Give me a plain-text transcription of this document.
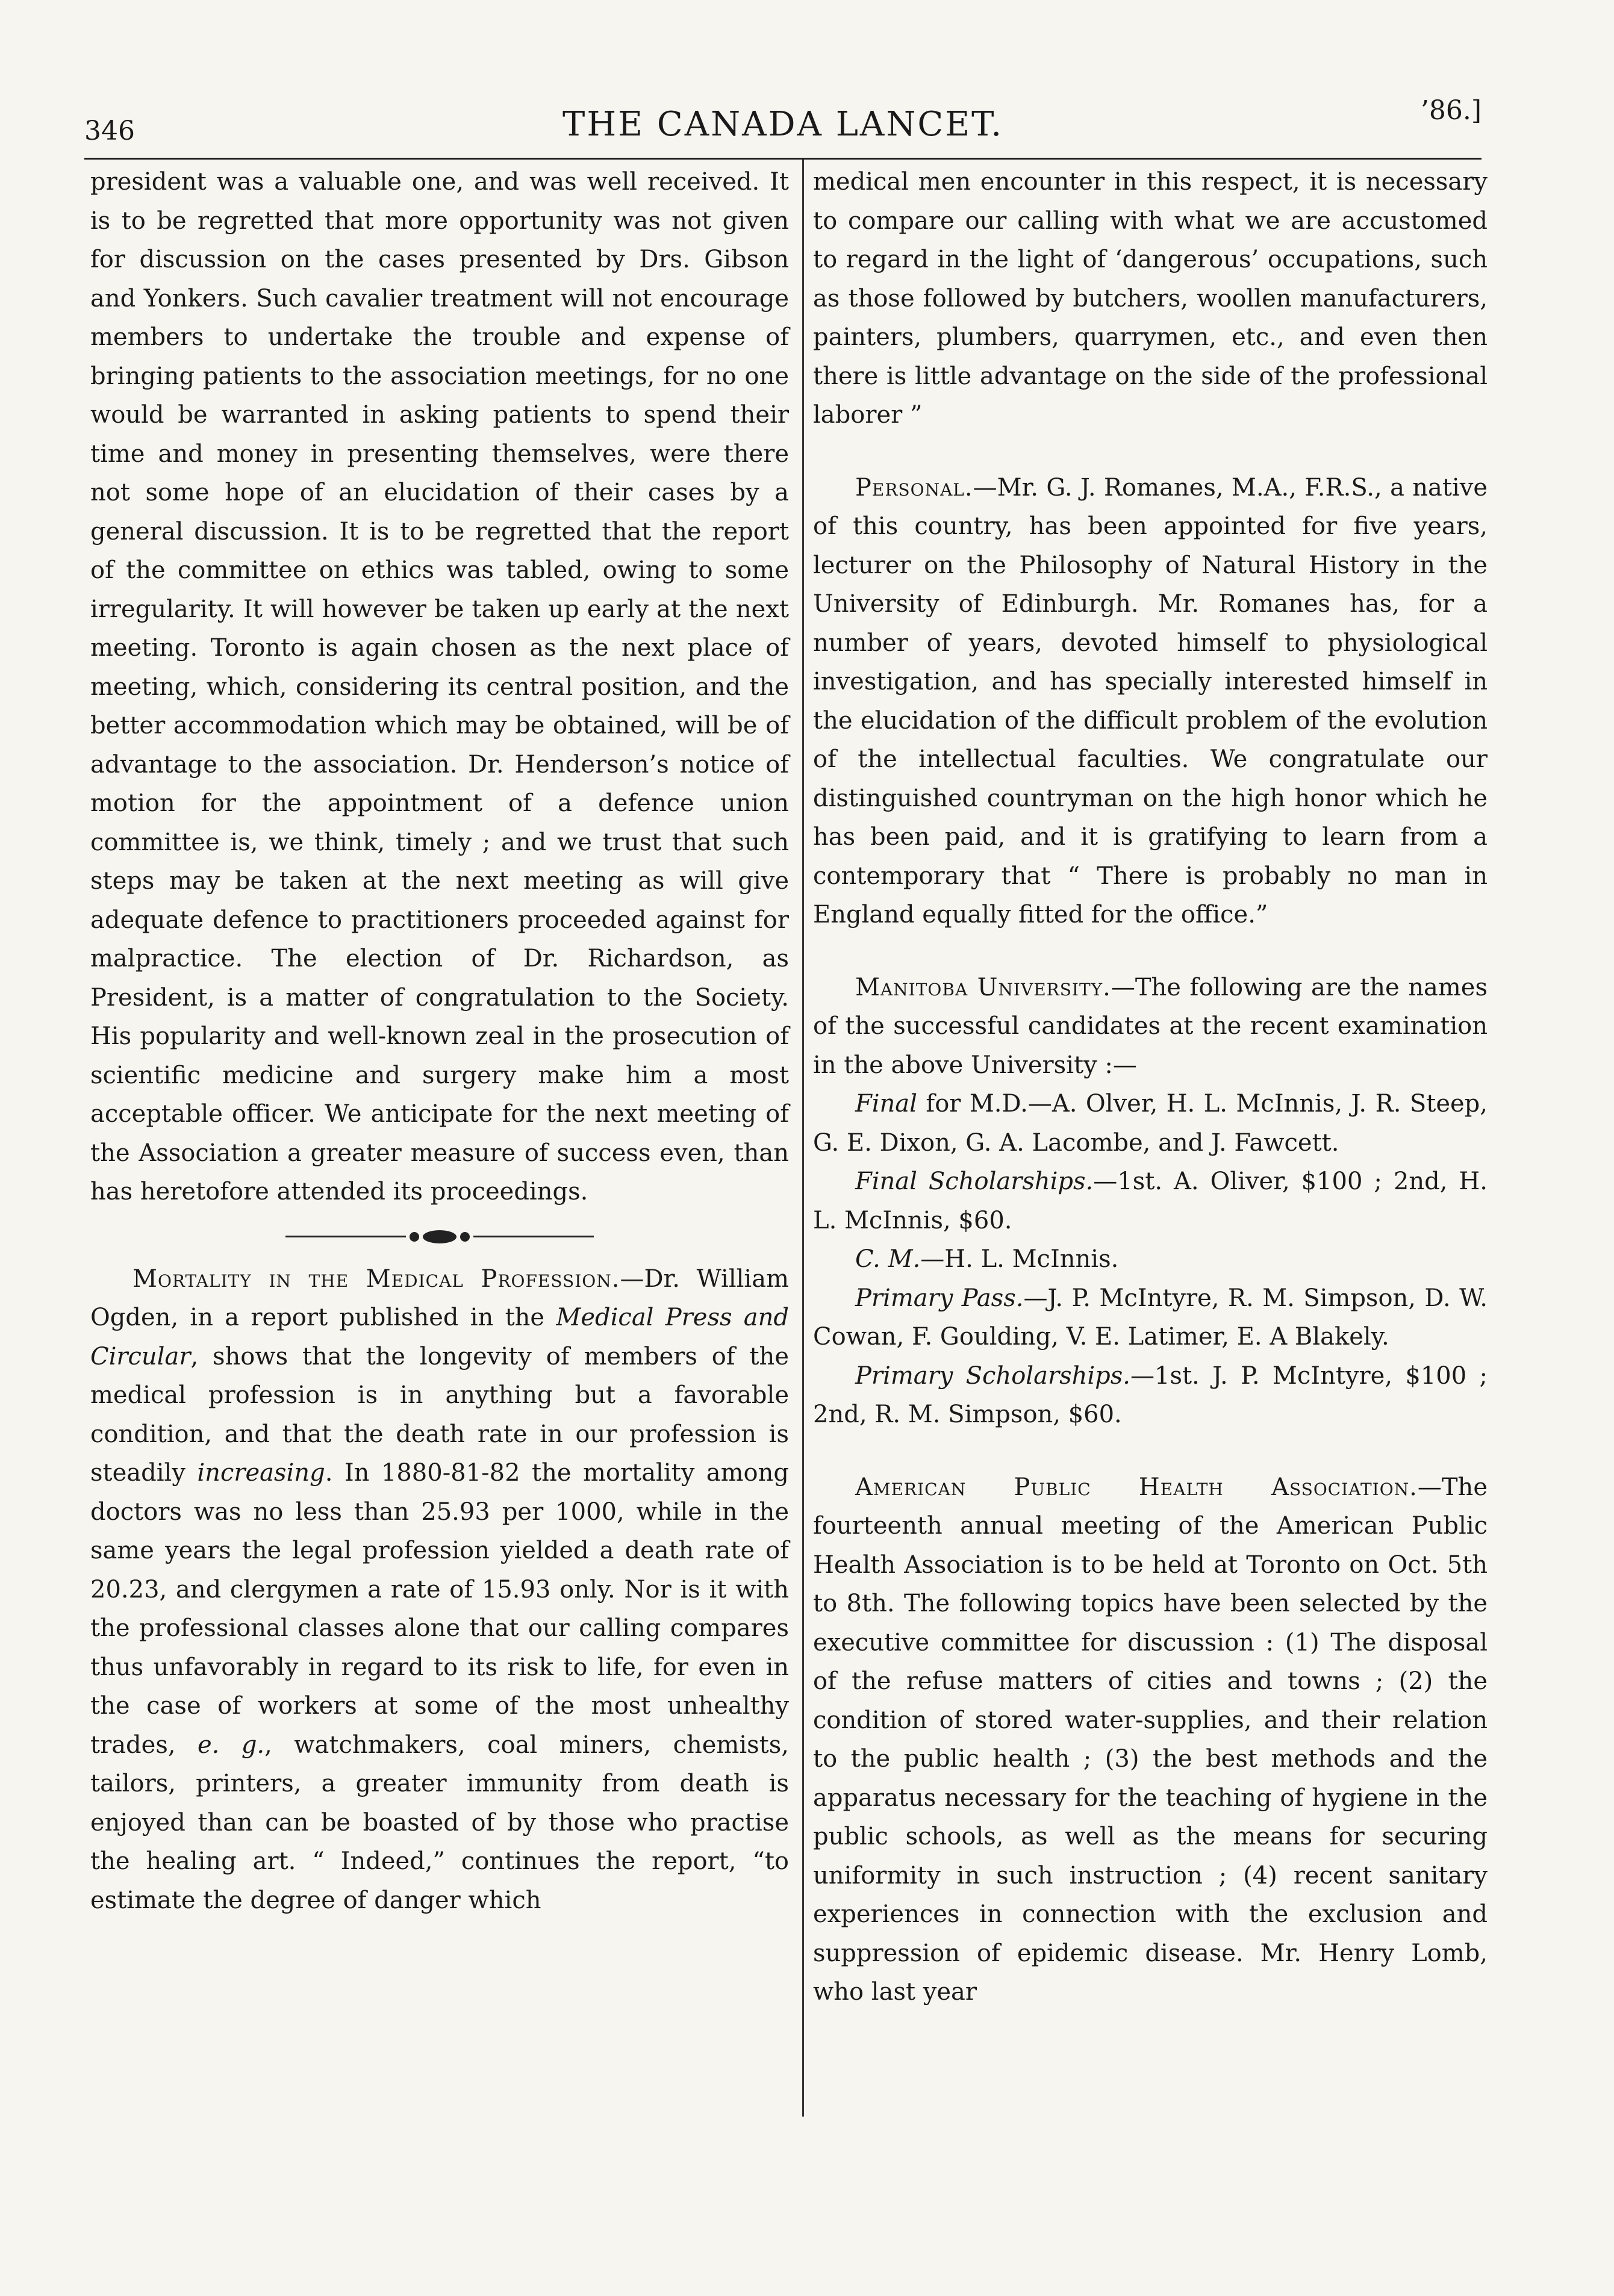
346	THE CANADA LANCET.	’86.]

president was a valuable one, and was well received. It is to be regretted that more opportunity was not given for discussion on the cases presented by Drs. Gibson and Yonkers. Such cavalier treatment will not encourage members to undertake the trouble and expense of bringing patients to the association meetings, for no one would be warranted in asking patients to spend their time and money in presenting themselves, were there not some hope of an elucidation of their cases by a general discussion. It is to be regretted that the report of the committee on ethics was tabled, owing to some irregularity. It will however be taken up early at the next meeting. Toronto is again chosen as the next place of meeting, which, considering its central position, and the better accommodation which may be obtained, will be of advantage to the association. Dr. Henderson’s notice of motion for the appointment of a defence union committee is, we think, timely ; and we trust that such steps may be taken at the next meeting as will give adequate defence to practitioners proceeded against for malpractice. The election of Dr. Richardson, as President, is a matter of congratulation to the Society. His popularity and well-known zeal in the prosecution of scientific medicine and surgery make him a most acceptable officer. We anticipate for the next meeting of the Association a greater measure of success even, than has heretofore attended its proceedings.

Mortality in the Medical Profession.—Dr. William Ogden, in a report published in the Medical Press and Circular, shows that the longevity of members of the medical profession is in anything but a favorable condition, and that the death rate in our profession is steadily increasing. In 1880-81-82 the mortality among doctors was no less than 25.93 per 1000, while in the same years the legal profession yielded a death rate of 20.23, and clergymen a rate of 15.93 only. Nor is it with the professional classes alone that our calling compares thus unfavorably in regard to its risk to life, for even in the case of workers at some of the most unhealthy trades, e. g., watchmakers, coal miners, chemists, tailors, printers, a greater immunity from death is enjoyed than can be boasted of by those who practise the healing art. “ Indeed,” continues the report, “to estimate the degree of danger which

medical men encounter in this respect, it is necessary to compare our calling with what we are accustomed to regard in the light of ‘dangerous’ occupations, such as those followed by butchers, woollen manufacturers, painters, plumbers, quarrymen, etc., and even then there is little advantage on the side of the professional laborer ”

Personal.—Mr. G. J. Romanes, M.A., F.R.S., a native of this country, has been appointed for five years, lecturer on the Philosophy of Natural History in the University of Edinburgh. Mr. Romanes has, for a number of years, devoted himself to physiological investigation, and has specially interested himself in the elucidation of the difficult problem of the evolution of the intellectual faculties. We congratulate our distinguished countryman on the high honor which he has been paid, and it is gratifying to learn from a contemporary that “ There is probably no man in England equally fitted for the office.”

Manitoba University.—The following are the names of the successful candidates at the recent examination in the above University :—

Final for M.D.—A. Olver, H. L. McInnis, J. R. Steep, G. E. Dixon, G. A. Lacombe, and J. Fawcett.

Final Scholarships.—1st. A. Oliver, $100 ; 2nd, H. L. McInnis, $60.

C. M.—H. L. McInnis.

Primary Pass.—J. P. McIntyre, R. M. Simpson, D. W. Cowan, F. Goulding, V. E. Latimer, E. A Blakely.

Primary Scholarships.—1st. J. P. McIntyre, $100 ; 2nd, R. M. Simpson, $60.

American Public Health Association.—The fourteenth annual meeting of the American Public Health Association is to be held at Toronto on Oct. 5th to 8th. The following topics have been selected by the executive committee for discussion : (1) The disposal of the refuse matters of cities and towns ; (2) the condition of stored water-supplies, and their relation to the public health ; (3) the best methods and the apparatus necessary for the teaching of hygiene in the public schools, as well as the means for securing uniformity in such instruction ; (4) recent sanitary experiences in connection with the exclusion and suppression of epidemic disease. Mr. Henry Lomb, who last year
